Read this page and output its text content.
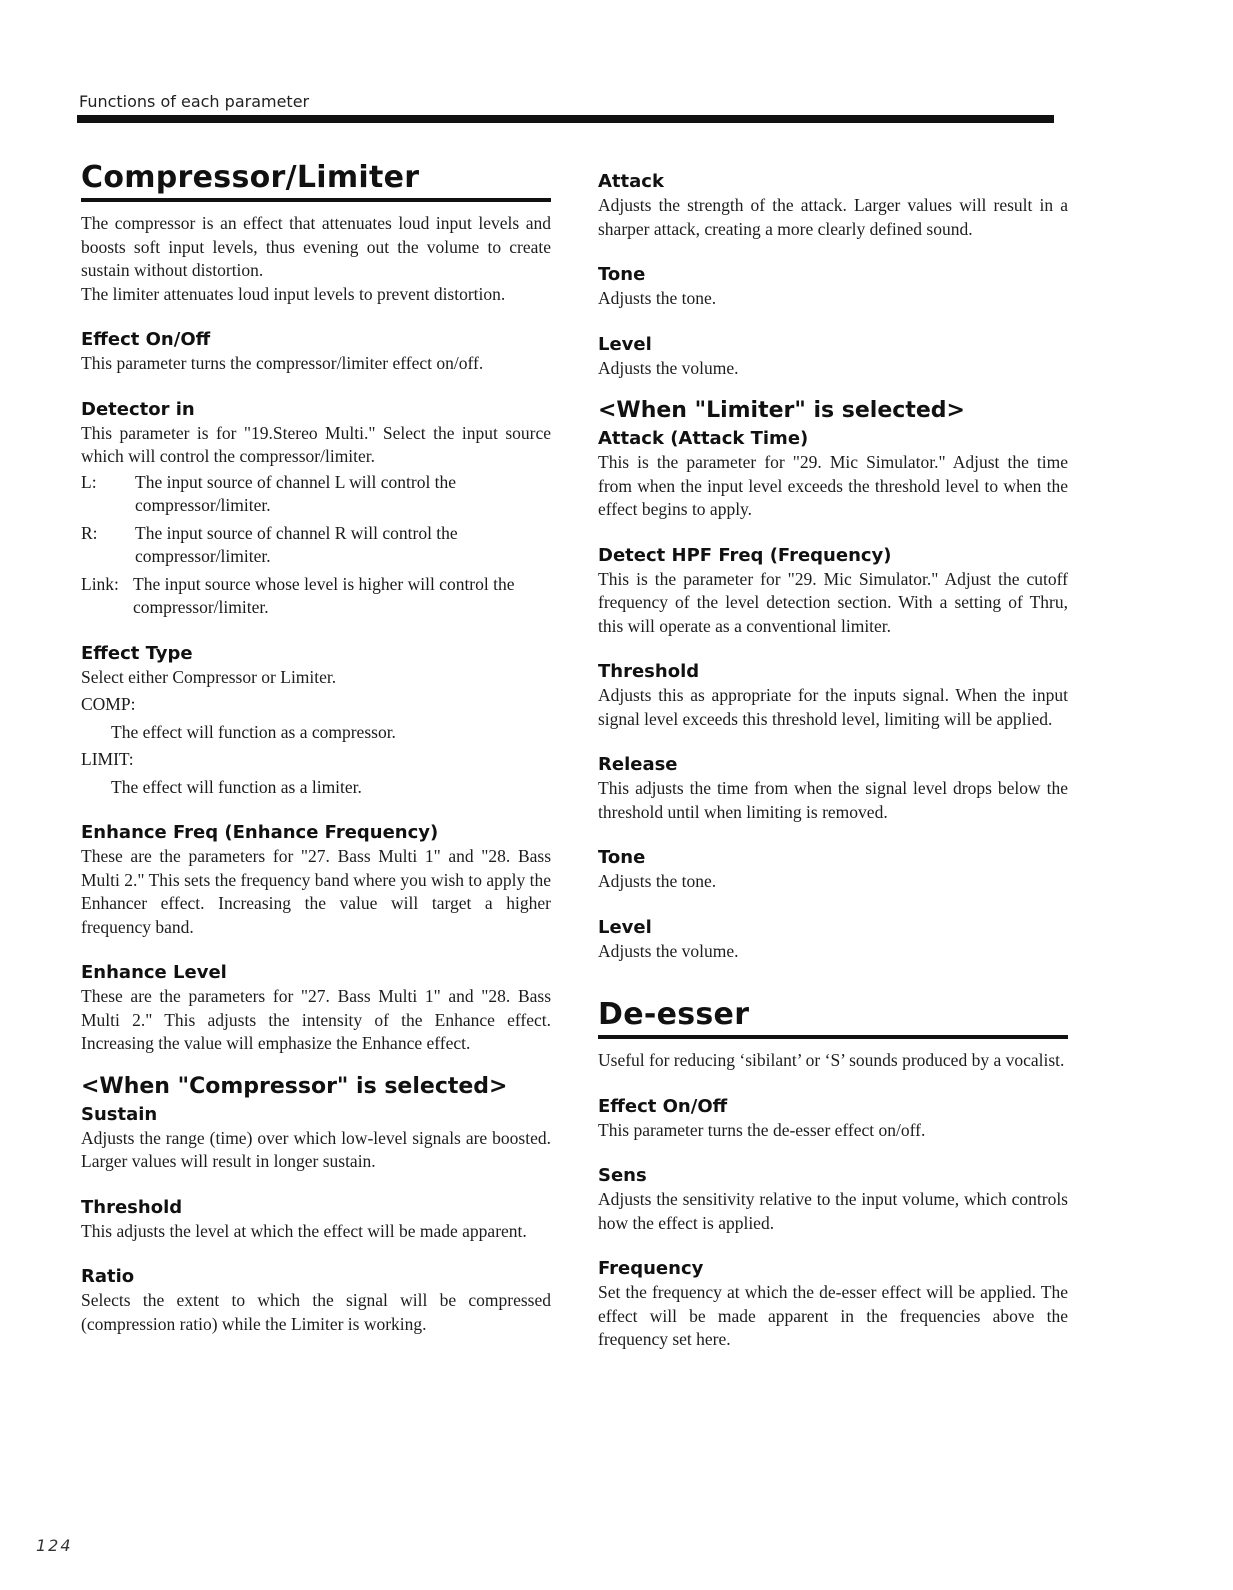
Functions of each parameter
Compressor/Limiter

The compressor is an effect that attenuates loud input levels and boosts soft input levels, thus evening out the volume to create sustain without distortion.

The limiter attenuates loud input levels to prevent distortion.

Effect On/Off

This parameter turns the compressor/limiter effect on/off.

Detector in

This parameter is for "19.Stereo Multi." Select the input source which will control the compressor/limiter.

L:	The input source of channel L will control the compressor/limiter.
R:	The input source of channel R will control the compressor/limiter.
Link: The input source whose level is higher will control the compressor/limiter.
Effect Type

Select either Compressor or Limiter.

COMP:

The effect will function as a compressor.

LIMIT:

The effect will function as a limiter.

Enhance Freq (Enhance Frequency)

These are the parameters for "27. Bass Multi 1" and "28. Bass Multi 2." This sets the frequency band where you wish to apply the Enhancer effect. Increasing the value will target a higher frequency band.

Enhance Level

These are the parameters for "27. Bass Multi 1" and "28. Bass Multi 2." This adjusts the intensity of the Enhance effect. Increasing the value will emphasize the Enhance effect.

<When "Compressor" is selected>
Sustain

Adjusts the range (time) over which low-level signals are boosted. Larger values will result in longer sustain.

Threshold

This adjusts the level at which the effect will be made apparent.

Ratio

Selects the extent to which the signal will be compressed (compression ratio) while the Limiter is working.

Attack

Adjusts the strength of the attack. Larger values will result in a sharper attack, creating a more clearly defined sound.

Tone

Adjusts the tone.

Level

Adjusts the volume.

<When "Limiter" is selected>
Attack (Attack Time)

This is the parameter for "29. Mic Simulator." Adjust the time from when the input level exceeds the threshold level to when the effect begins to apply.

Detect HPF Freq (Frequency)

This is the parameter for "29. Mic Simulator." Adjust the cutoff frequency of the level detection section. With a setting of Thru, this will operate as a conventional limiter.

Threshold

Adjusts this as appropriate for the inputs signal. When the input signal level exceeds this threshold level, limiting will be applied.

Release

This adjusts the time from when the signal level drops below the threshold until when limiting is removed.

Tone

Adjusts the tone.

Level

Adjusts the volume.

De-esser

Useful for reducing ‘sibilant’ or ‘S’ sounds produced by a vocalist.

Effect On/Off

This parameter turns the de-esser effect on/off.

Sens

Adjusts the sensitivity relative to the input volume, which controls how the effect is applied.

Frequency

Set the frequency at which the de-esser effect will be applied. The effect will be made apparent in the frequencies above the frequency set here.

124
